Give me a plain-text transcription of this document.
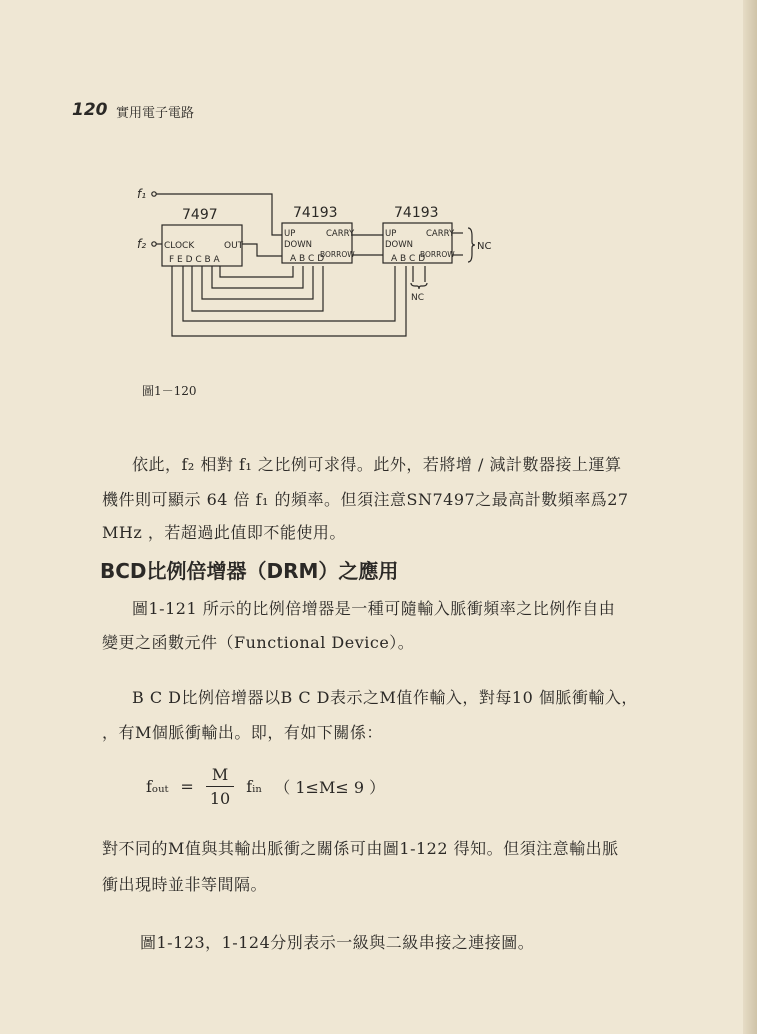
120 實用電子電路
f₁
f₂
7497
CLOCK	OUT
F E D C B A
74193
UP
DOWN
CARRY
BORROW
A B C D
74193
UP
DOWN
CARRY
BORROW
A B C D
NC
NC
圖1－120
依此，f₂ 相對 f₁ 之比例可求得。此外，若將增 / 減計數器接上運算
機件則可顯示 64 倍 f₁ 的頻率。但須注意SN7497之最高計數頻率爲27
MHz ，若超過此值即不能使用。
BCD比例倍增器（DRM）之應用
圖1-121 所示的比例倍增器是一種可隨輸入脈衝頻率之比例作自由
變更之函數元件（Functional Device）。
B C D比例倍增器以B C D表示之M值作輸入，對每10 個脈衝輸入，
，有M個脈衝輸出。即，有如下關係：
fₒᵤₜ = $\frac{M}{10}$ fᵢₙ （ 1≤M≤ 9 ）
對不同的M值與其輸出脈衝之關係可由圖1-122 得知。但須注意輸出脈
衝出現時並非等間隔。
圖1-123，1-124分別表示一級與二級串接之連接圖。
